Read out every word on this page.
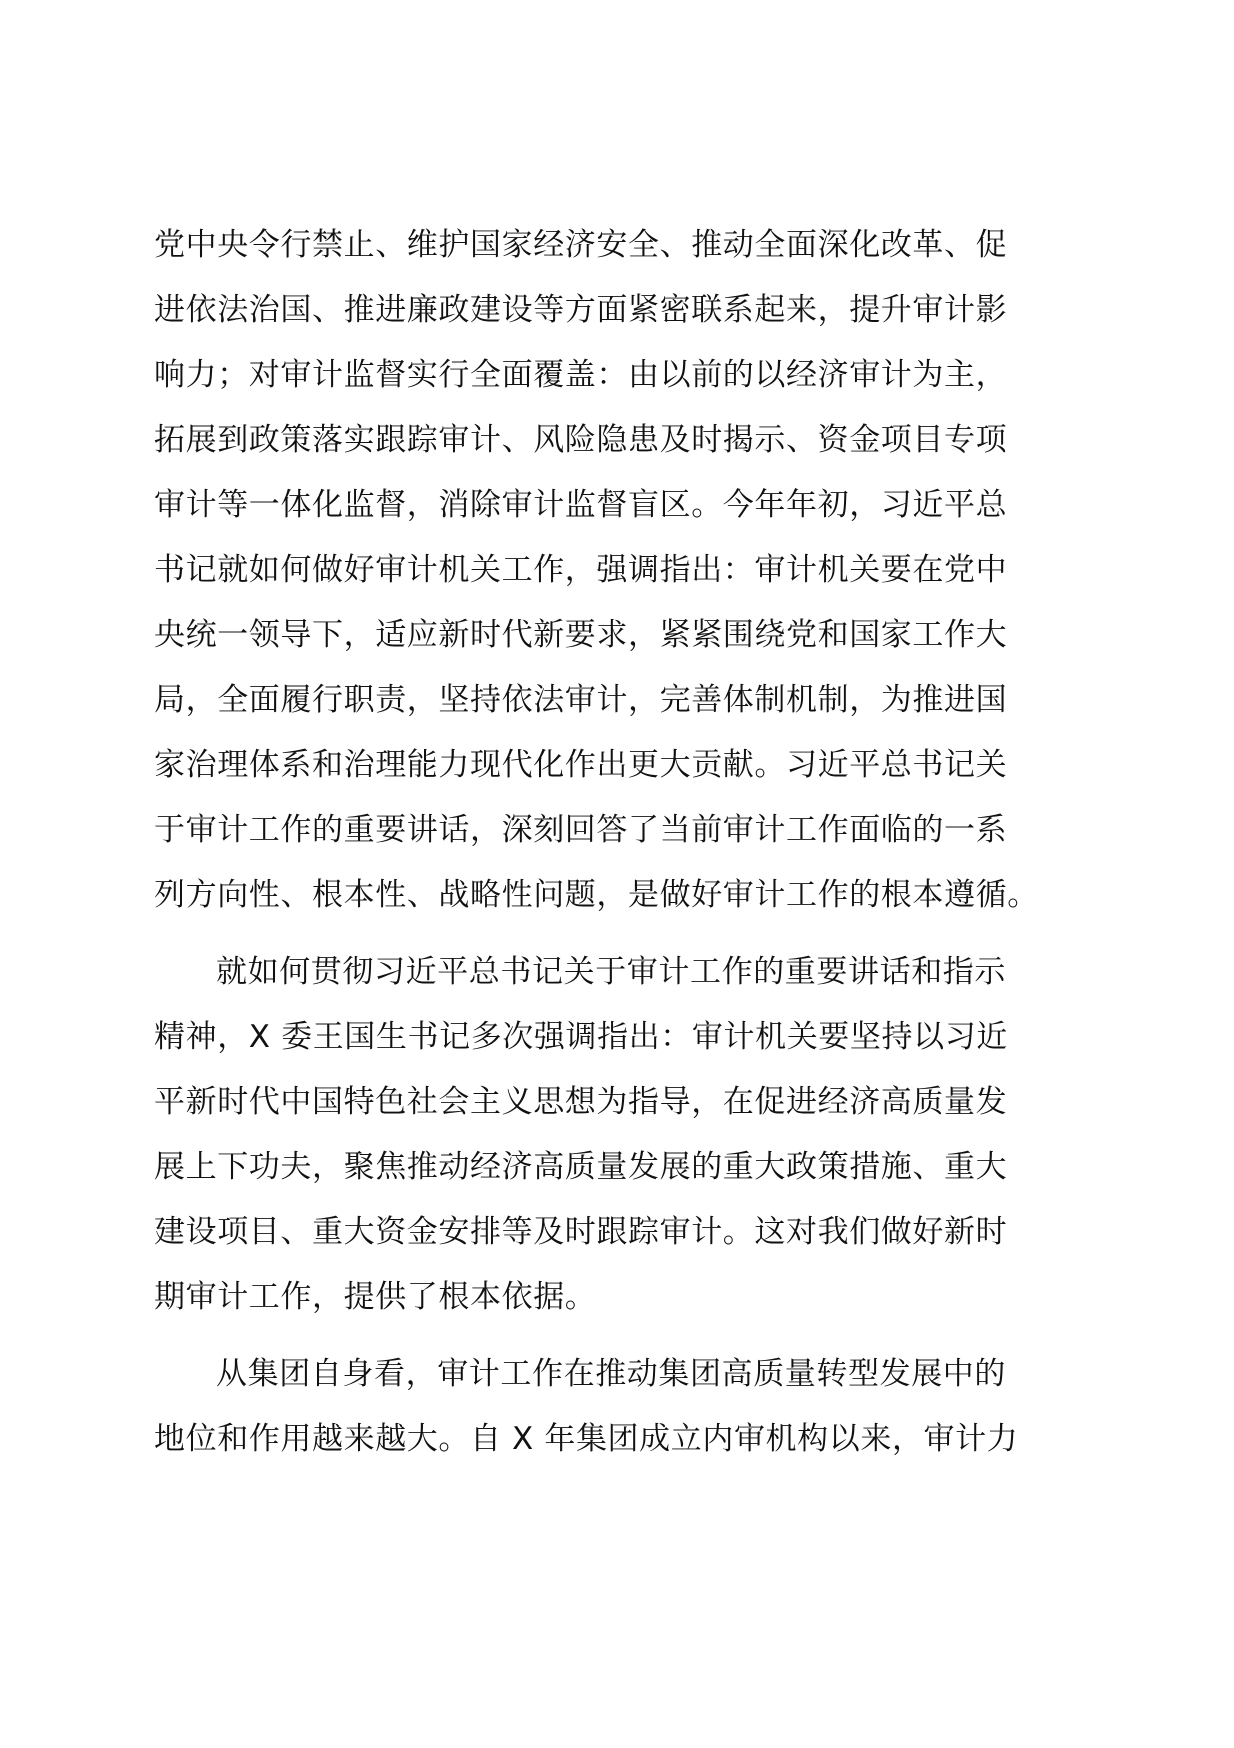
党中央令行禁止、维护国家经济安全、推动全面深化改革、促
进依法治国、推进廉政建设等方面紧密联系起来，提升审计影
响力；对审计监督实行全面覆盖：由以前的以经济审计为主，
拓展到政策落实跟踪审计、风险隐患及时揭示、资金项目专项
审计等一体化监督，消除审计监督盲区。今年年初，习近平总
书记就如何做好审计机关工作，强调指出：审计机关要在党中
央统一领导下，适应新时代新要求，紧紧围绕党和国家工作大
局，全面履行职责，坚持依法审计，完善体制机制，为推进国
家治理体系和治理能力现代化作出更大贡献。习近平总书记关
于审计工作的重要讲话，深刻回答了当前审计工作面临的一系
列方向性、根本性、战略性问题，是做好审计工作的根本遵循。
就如何贯彻习近平总书记关于审计工作的重要讲话和指示
精神，X 委王国生书记多次强调指出：审计机关要坚持以习近
平新时代中国特色社会主义思想为指导，在促进经济高质量发
展上下功夫，聚焦推动经济高质量发展的重大政策措施、重大
建设项目、重大资金安排等及时跟踪审计。这对我们做好新时
期审计工作，提供了根本依据。
从集团自身看，审计工作在推动集团高质量转型发展中的
地位和作用越来越大。自 X 年集团成立内审机构以来，审计力
